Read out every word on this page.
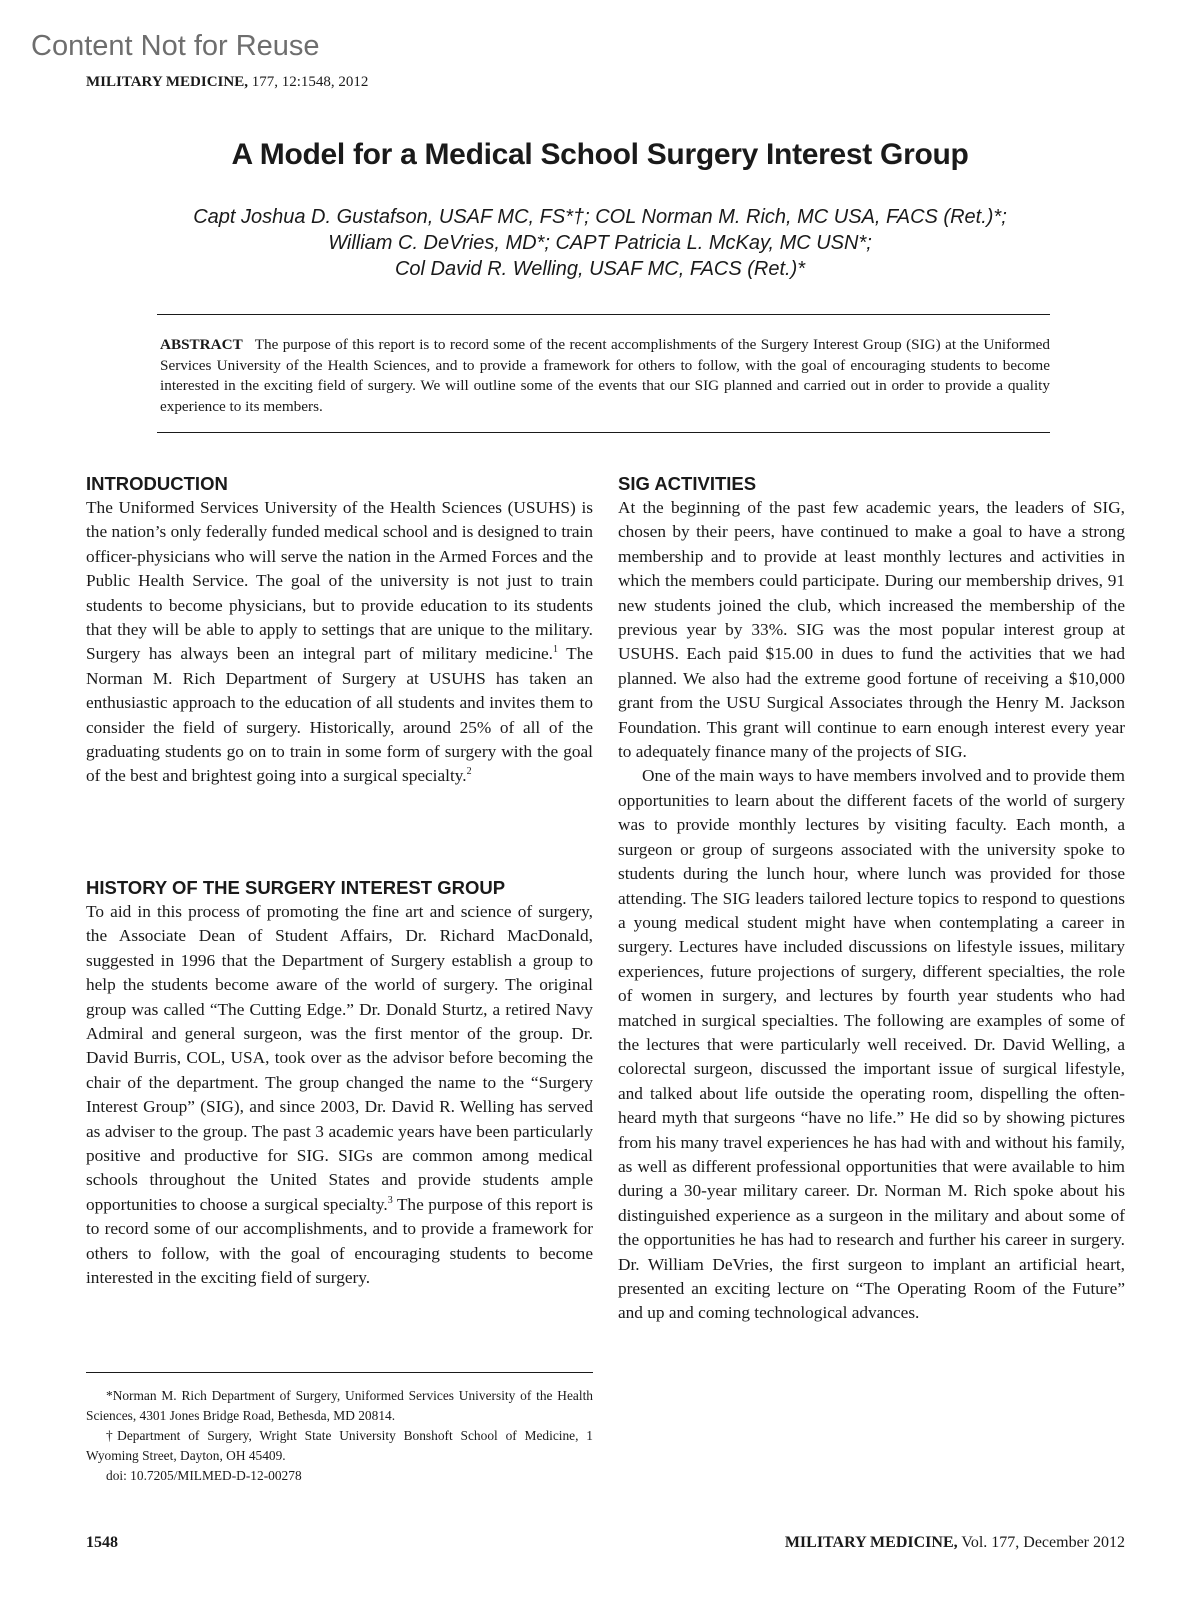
Content Not for Reuse
MILITARY MEDICINE, 177, 12:1548, 2012
A Model for a Medical School Surgery Interest Group
Capt Joshua D. Gustafson, USAF MC, FS*†; COL Norman M. Rich, MC USA, FACS (Ret.)*;
William C. DeVries, MD*; CAPT Patricia L. McKay, MC USN*;
Col David R. Welling, USAF MC, FACS (Ret.)*
ABSTRACT The purpose of this report is to record some of the recent accomplishments of the Surgery Interest Group (SIG) at the Uniformed Services University of the Health Sciences, and to provide a framework for others to follow, with the goal of encouraging students to become interested in the exciting field of surgery. We will outline some of the events that our SIG planned and carried out in order to provide a quality experience to its members.
INTRODUCTION

The Uniformed Services University of the Health Sciences (USUHS) is the nation’s only federally funded medical school and is designed to train officer-physicians who will serve the nation in the Armed Forces and the Public Health Service. The goal of the university is not just to train students to become physicians, but to provide education to its students that they will be able to apply to settings that are unique to the military. Surgery has always been an integral part of military medicine.$^1$ The Norman M. Rich Department of Surgery at USUHS has taken an enthusiastic approach to the education of all students and invites them to consider the field of surgery. Historically, around 25% of all of the graduating students go on to train in some form of surgery with the goal of the best and brightest going into a surgical specialty.$^2$

HISTORY OF THE SURGERY INTEREST GROUP

To aid in this process of promoting the fine art and science of surgery, the Associate Dean of Student Affairs, Dr. Richard MacDonald, suggested in 1996 that the Department of Surgery establish a group to help the students become aware of the world of surgery. The original group was called “The Cutting Edge.” Dr. Donald Sturtz, a retired Navy Admiral and general surgeon, was the first mentor of the group. Dr. David Burris, COL, USA, took over as the advisor before becoming the chair of the department. The group changed the name to the “Surgery Interest Group” (SIG), and since 2003, Dr. David R. Welling has served as adviser to the group. The past 3 academic years have been particularly positive and productive for SIG. SIGs are common among medical schools throughout the United States and provide students ample opportunities to choose a surgical specialty.$^3$ The purpose of this report is to record some of our accomplishments, and to provide a framework for others to follow, with the goal of encouraging students to become interested in the exciting field of surgery.

*Norman M. Rich Department of Surgery, Uniformed Services University of the Health Sciences, 4301 Jones Bridge Road, Bethesda, MD 20814.

†Department of Surgery, Wright State University Bonshoft School of Medicine, 1 Wyoming Street, Dayton, OH 45409.

doi: 10.7205/MILMED-D-12-00278

SIG ACTIVITIES

At the beginning of the past few academic years, the leaders of SIG, chosen by their peers, have continued to make a goal to have a strong membership and to provide at least monthly lectures and activities in which the members could participate. During our membership drives, 91 new students joined the club, which increased the membership of the previous year by 33%. SIG was the most popular interest group at USUHS. Each paid $15.00 in dues to fund the activities that we had planned. We also had the extreme good fortune of receiving a $10,000 grant from the USU Surgical Associates through the Henry M. Jackson Foundation. This grant will continue to earn enough interest every year to adequately finance many of the projects of SIG.

One of the main ways to have members involved and to provide them opportunities to learn about the different facets of the world of surgery was to provide monthly lectures by visiting faculty. Each month, a surgeon or group of surgeons associated with the university spoke to students during the lunch hour, where lunch was provided for those attending. The SIG leaders tailored lecture topics to respond to questions a young medical student might have when contemplating a career in surgery. Lectures have included discussions on lifestyle issues, military experiences, future projections of surgery, different specialties, the role of women in surgery, and lectures by fourth year students who had matched in surgical specialties. The following are examples of some of the lectures that were particularly well received. Dr. David Welling, a colorectal surgeon, discussed the important issue of surgical lifestyle, and talked about life outside the operating room, dispelling the often-heard myth that surgeons “have no life.” He did so by showing pictures from his many travel experiences he has had with and without his family, as well as different professional opportunities that were available to him during a 30-year military career. Dr. Norman M. Rich spoke about his distinguished experience as a surgeon in the military and about some of the opportunities he has had to research and further his career in surgery. Dr. William DeVries, the first surgeon to implant an artificial heart, presented an exciting lecture on “The Operating Room of the Future” and up and coming technological advances.

1548	MILITARY MEDICINE, Vol. 177, December 2012
